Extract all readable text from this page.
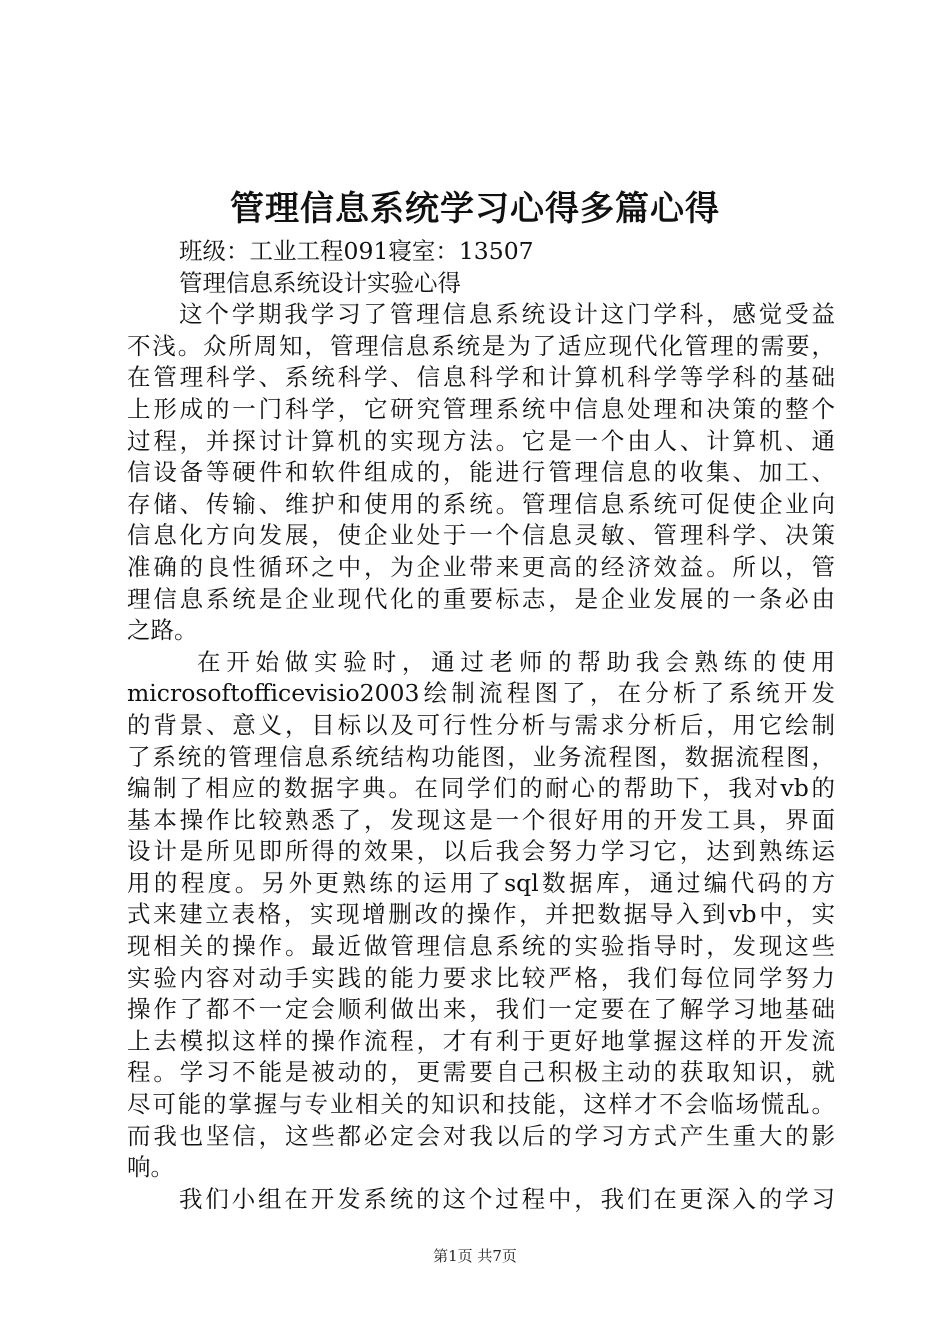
管理信息系统学习心得多篇心得
班级：工业工程091寝室：13507
管理信息系统设计实验心得
这个学期我学习了管理信息系统设计这门学科，感觉受益
不浅。众所周知，管理信息系统是为了适应现代化管理的需要，
在管理科学、系统科学、信息科学和计算机科学等学科的基础
上形成的一门科学，它研究管理系统中信息处理和决策的整个
过程，并探讨计算机的实现方法。它是一个由人、计算机、通
信设备等硬件和软件组成的，能进行管理信息的收集、加工、
存储、传输、维护和使用的系统。管理信息系统可促使企业向
信息化方向发展，使企业处于一个信息灵敏、管理科学、决策
准确的良性循环之中，为企业带来更高的经济效益。所以，管
理信息系统是企业现代化的重要标志，是企业发展的一条必由
之路。
在开始做实验时，通过老师的帮助我会熟练的使用
microsoftofficevisio2003绘制流程图了，在分析了系统开发
的背景、意义，目标以及可行性分析与需求分析后，用它绘制
了系统的管理信息系统结构功能图，业务流程图，数据流程图，
编制了相应的数据字典。在同学们的耐心的帮助下，我对vb的
基本操作比较熟悉了，发现这是一个很好用的开发工具，界面
设计是所见即所得的效果，以后我会努力学习它，达到熟练运
用的程度。另外更熟练的运用了sql数据库，通过编代码的方
式来建立表格，实现增删改的操作，并把数据导入到vb中，实
现相关的操作。最近做管理信息系统的实验指导时，发现这些
实验内容对动手实践的能力要求比较严格，我们每位同学努力
操作了都不一定会顺利做出来，我们一定要在了解学习地基础
上去模拟这样的操作流程，才有利于更好地掌握这样的开发流
程。学习不能是被动的，更需要自己积极主动的获取知识，就
尽可能的掌握与专业相关的知识和技能，这样才不会临场慌乱。
而我也坚信，这些都必定会对我以后的学习方式产生重大的影
响。
我们小组在开发系统的这个过程中，我们在更深入的学习
第1页 共7页
